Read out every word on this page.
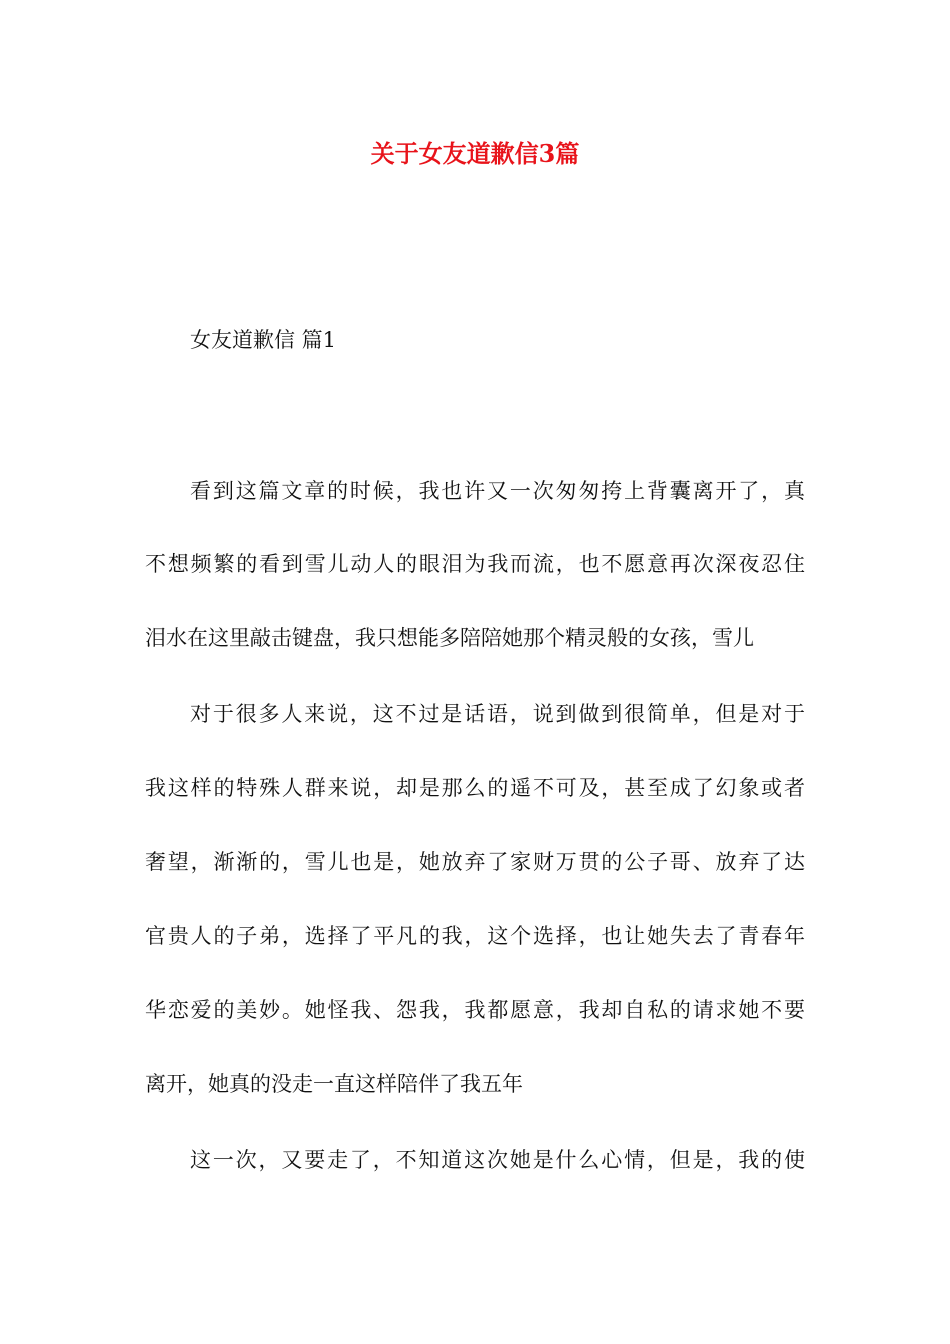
关于女友道歉信3篇
女友道歉信 篇1
看到这篇文章的时候，我也许又一次匆匆挎上背囊离开了，真
不想频繁的看到雪儿动人的眼泪为我而流，也不愿意再次深夜忍住
泪水在这里敲击键盘，我只想能多陪陪她那个精灵般的女孩，雪儿
对于很多人来说，这不过是话语，说到做到很简单，但是对于
我这样的特殊人群来说，却是那么的遥不可及，甚至成了幻象或者
奢望，渐渐的，雪儿也是，她放弃了家财万贯的公子哥、放弃了达
官贵人的子弟，选择了平凡的我，这个选择，也让她失去了青春年
华恋爱的美妙。她怪我、怨我，我都愿意，我却自私的请求她不要
离开，她真的没走一直这样陪伴了我五年
这一次，又要走了，不知道这次她是什么心情，但是，我的使
